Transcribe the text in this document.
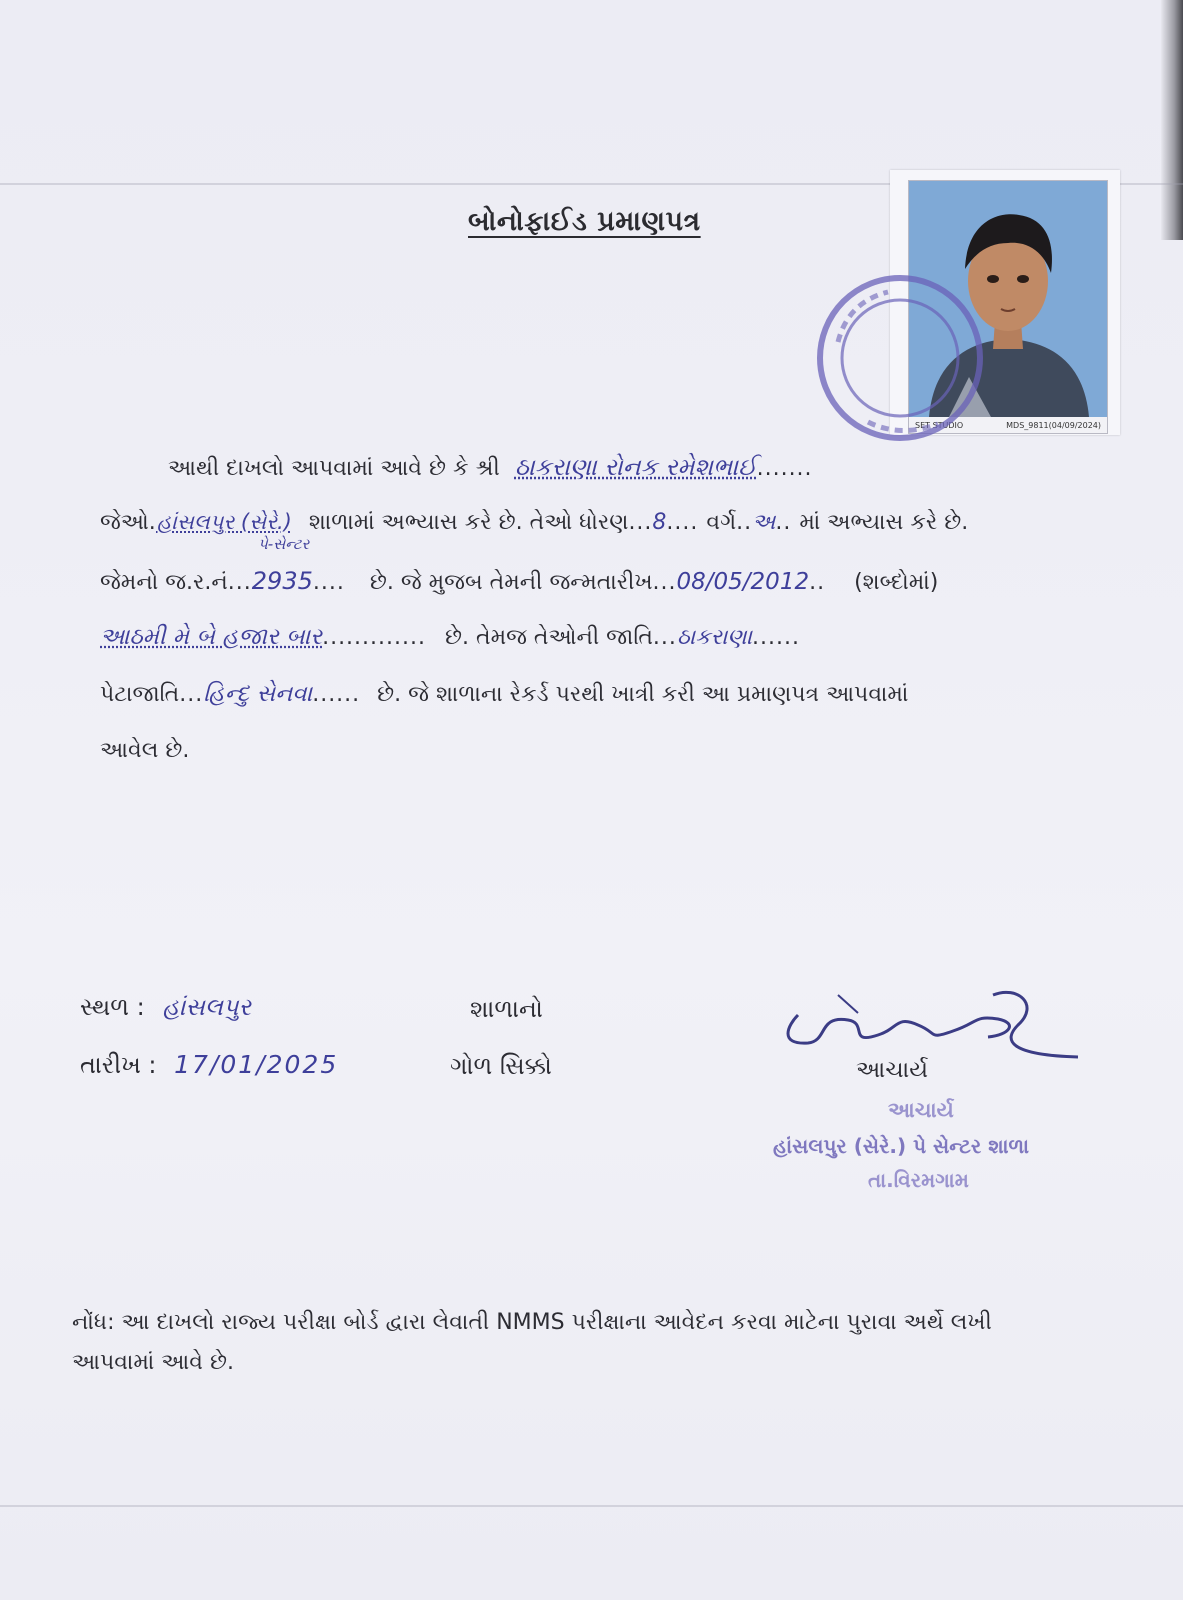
બોનોફાઈડ પ્રમાણપત્ર
SET STUDIO	MDS_9811(04/09/2024)
આથી દાખલો આપવામાં આવે છે કે શ્રી ઠાકરાણા રોનક રમેશભાઈ.......
જેઓ.હાંસલપુર (સેરે.) શાળામાં અભ્યાસ કરે છે. તેઓ ધોરણ...8.... વર્ગ..અ.. માં અભ્યાસ કરે છે.
પે-સેન્ટર
જેમનો જ.ર.નં...2935.... છે. જે મુજબ તેમની જન્મતારીખ...08/05/2012.. (શબ્દોમાં)
આઠમી મે બે હજાર બાર............. છે. તેમજ તેઓની જાતિ...ઠાકરાણા......
પેટાજાતિ...હિન્દુ સેનવા...... છે. જે શાળાના રેકર્ડ પરથી ખાત્રી કરી આ પ્રમાણપત્ર આપવામાં
આવેલ છે.
સ્થળ : હાંસલપુર
તારીખ : 17/01/2025
શાળાનો
ગોળ સિક્કો	આચાર્ય
આચાર્ય
હાંસલપુર (સેરે.) પે સેન્ટર શાળા
તા.વિરમગામ
નોંધ: આ દાખલો રાજ્ય પરીક્ષા બોર્ડ દ્વારા લેવાતી NMMS પરીક્ષાના આવેદન કરવા માટેના પુરાવા અર્થે લખી
આપવામાં આવે છે.
